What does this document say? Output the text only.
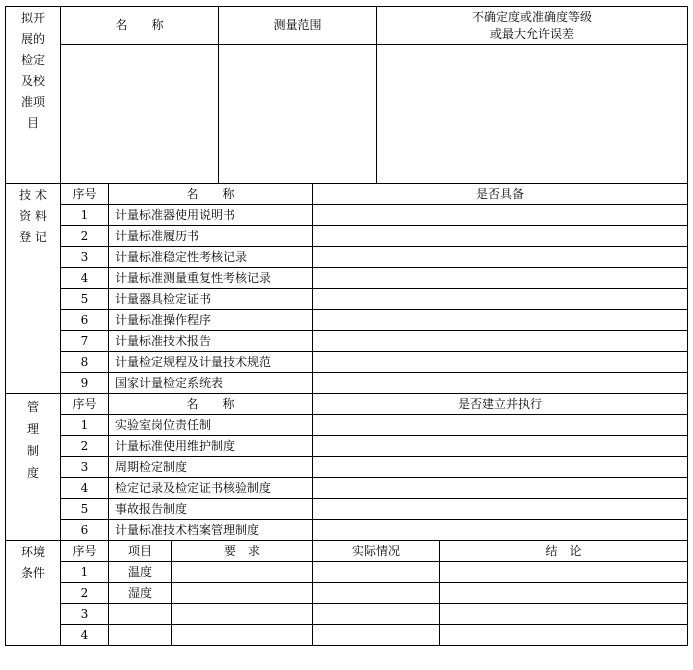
拟开
展的
检定
及校
准项
目
名　　称	测量范围
不确定度或准确度等级
或最大允许误差
技 术
资 料
登 记
序号	名　　称	是否具备
1	计量标准器使用说明书
2	计量标准履历书
3	计量标准稳定性考核记录
4	计量标准测量重复性考核记录
5	计量器具检定证书
6	计量标准操作程序
7	计量标准技术报告
8	计量检定规程及计量技术规范
9	国家计量检定系统表
管
理
制
度
序号	名　　称	是否建立并执行
1	实验室岗位责任制
2	计量标准使用维护制度
3	周期检定制度
4	检定记录及检定证书核验制度
5	事故报告制度
6	计量标准技术档案管理制度
环境
条件
序号	项目	要　求	实际情况	结　论
1	温度
2	湿度
3
4
